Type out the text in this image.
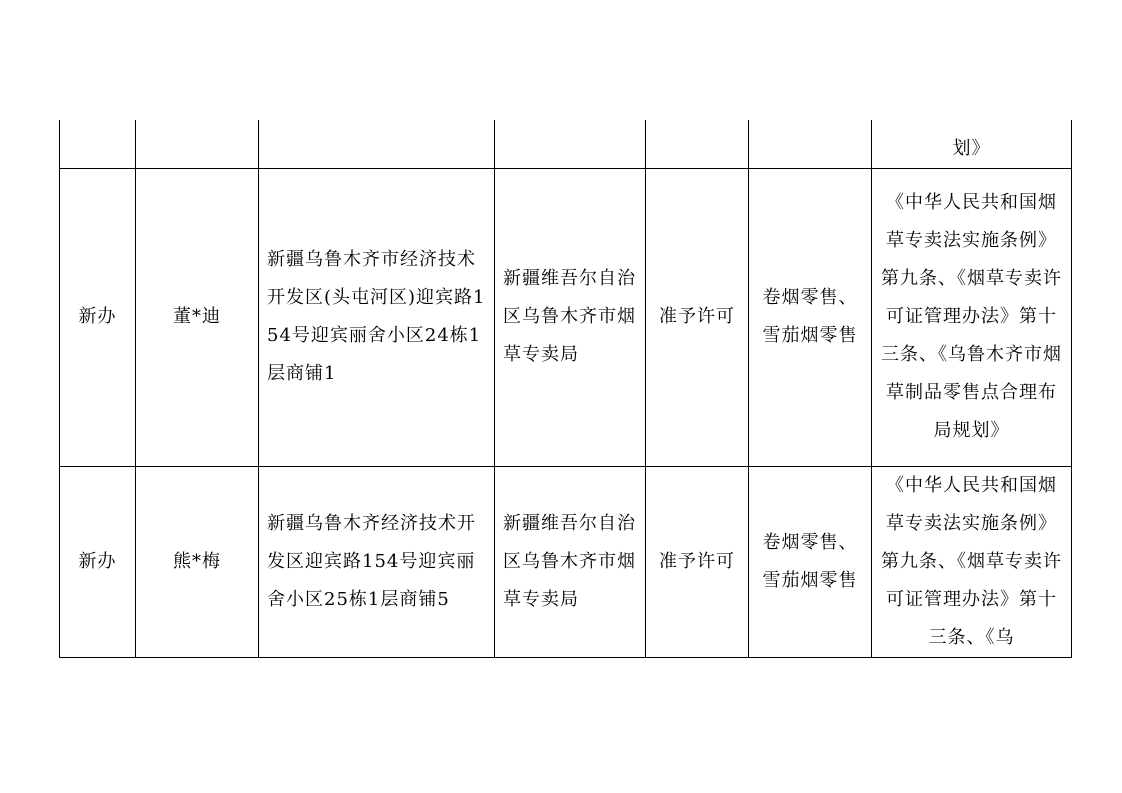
						划》
新办	董*迪	新疆乌鲁木齐市经济技术开发区(头屯河区)迎宾路154号迎宾丽舍小区24栋1层商铺1	新疆维吾尔自治区乌鲁木齐市烟草专卖局	准予许可	卷烟零售、雪茄烟零售	《中华人民共和国烟草专卖法实施条例》第九条、《烟草专卖许可证管理办法》第十三条、《乌鲁木齐市烟草制品零售点合理布局规划》
新办	熊*梅	新疆乌鲁木齐经济技术开发区迎宾路154号迎宾丽舍小区25栋1层商铺5	新疆维吾尔自治区乌鲁木齐市烟草专卖局	准予许可	卷烟零售、雪茄烟零售	《中华人民共和国烟草专卖法实施条例》第九条、《烟草专卖许可证管理办法》第十三条、《乌
